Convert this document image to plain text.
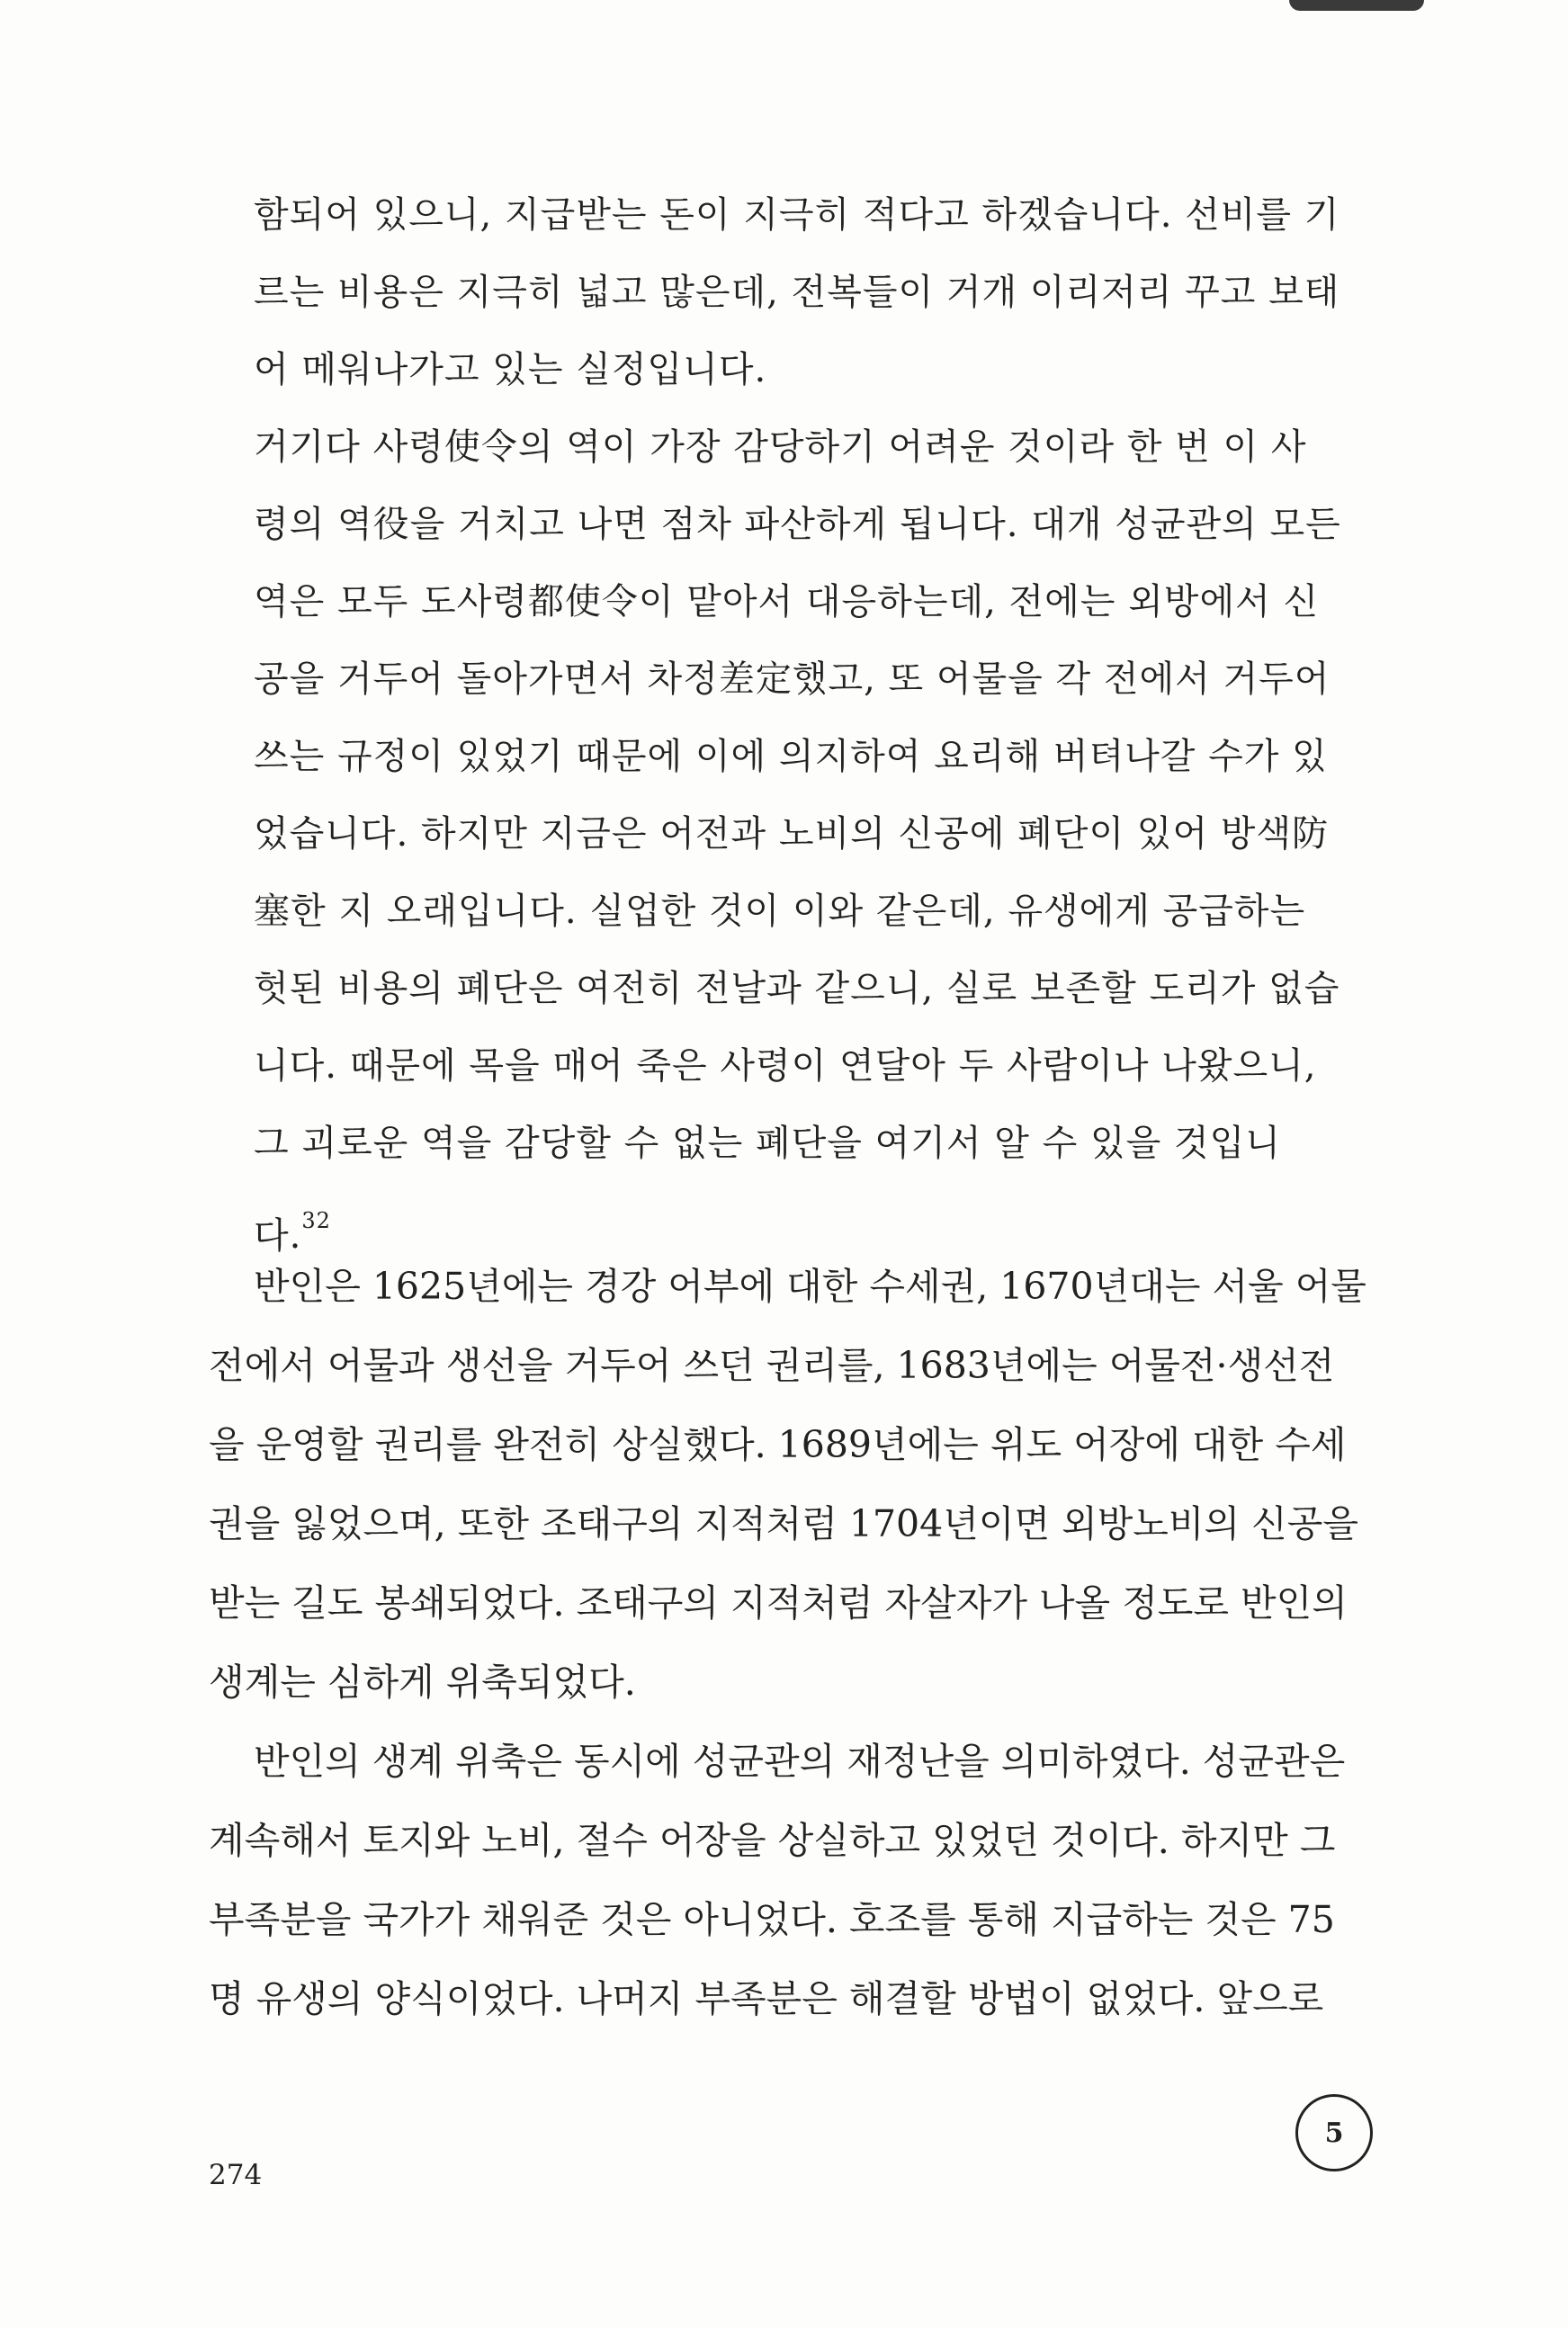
함되어 있으니, 지급받는 돈이 지극히 적다고 하겠습니다. 선비를 기르는 비용은 지극히 넓고 많은데, 전복들이 거개 이리저리 꾸고 보태어 메워나가고 있는 실정입니다.

거기다 사령使令의 역이 가장 감당하기 어려운 것이라 한 번 이 사령의 역役을 거치고 나면 점차 파산하게 됩니다. 대개 성균관의 모든 역은 모두 도사령都使令이 맡아서 대응하는데, 전에는 외방에서 신공을 거두어 돌아가면서 차정差定했고, 또 어물을 각 전에서 거두어 쓰는 규정이 있었기 때문에 이에 의지하여 요리해 버텨나갈 수가 있었습니다. 하지만 지금은 어전과 노비의 신공에 폐단이 있어 방색防塞한 지 오래입니다. 실업한 것이 이와 같은데, 유생에게 공급하는 헛된 비용의 폐단은 여전히 전날과 같으니, 실로 보존할 도리가 없습니다. 때문에 목을 매어 죽은 사령이 연달아 두 사람이나 나왔으니, 그 괴로운 역을 감당할 수 없는 폐단을 여기서 알 수 있을 것입니다.$^{32}$

반인은 1625년에는 경강 어부에 대한 수세권, 1670년대는 서울 어물전에서 어물과 생선을 거두어 쓰던 권리를, 1683년에는 어물전·생선전을 운영할 권리를 완전히 상실했다. 1689년에는 위도 어장에 대한 수세권을 잃었으며, 또한 조태구의 지적처럼 1704년이면 외방노비의 신공을 받는 길도 봉쇄되었다. 조태구의 지적처럼 자살자가 나올 정도로 반인의 생계는 심하게 위축되었다.

반인의 생계 위축은 동시에 성균관의 재정난을 의미하였다. 성균관은 계속해서 토지와 노비, 절수 어장을 상실하고 있었던 것이다. 하지만 그 부족분을 국가가 채워준 것은 아니었다. 호조를 통해 지급하는 것은 75명 유생의 양식이었다. 나머지 부족분은 해결할 방법이 없었다. 앞으로

274
5
